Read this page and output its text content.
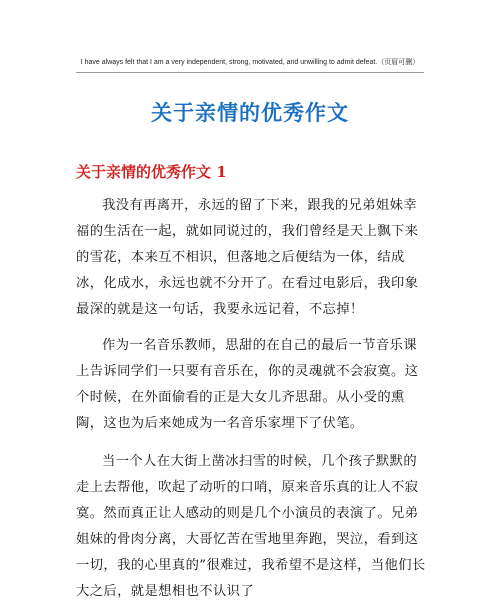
I have always felt that I am a very independent, strong, motivated, and unwilling to admit defeat.（页眉可删）
关于亲情的优秀作文
关于亲情的优秀作文 1
我没有再离开，永远的留了下来，跟我的兄弟姐妹幸福的生活在一起，就如同说过的，我们曾经是天上飘下来的雪花，本来互不相识，但落地之后便结为一体，结成冰，化成水，永远也就不分开了。在看过电影后，我印象最深的就是这一句话，我要永远记着，不忘掉！
作为一名音乐教师，思甜的在自己的最后一节音乐课上告诉同学们一只要有音乐在，你的灵魂就不会寂寞。这个时候，在外面偷看的正是大女儿齐思甜。从小受的熏陶，这也为后来她成为一名音乐家埋下了伏笔。
当一个人在大街上凿冰扫雪的时候，几个孩子默默的走上去帮他，吹起了动听的口哨，原来音乐真的让人不寂寞。然而真正让人感动的则是几个小演员的表演了。兄弟姐妹的骨肉分离，大哥忆苦在雪地里奔跑，哭泣，看到这一切，我的心里真的”很难过，我希望不是这样，当他们长大之后，就是想相也不认识了
